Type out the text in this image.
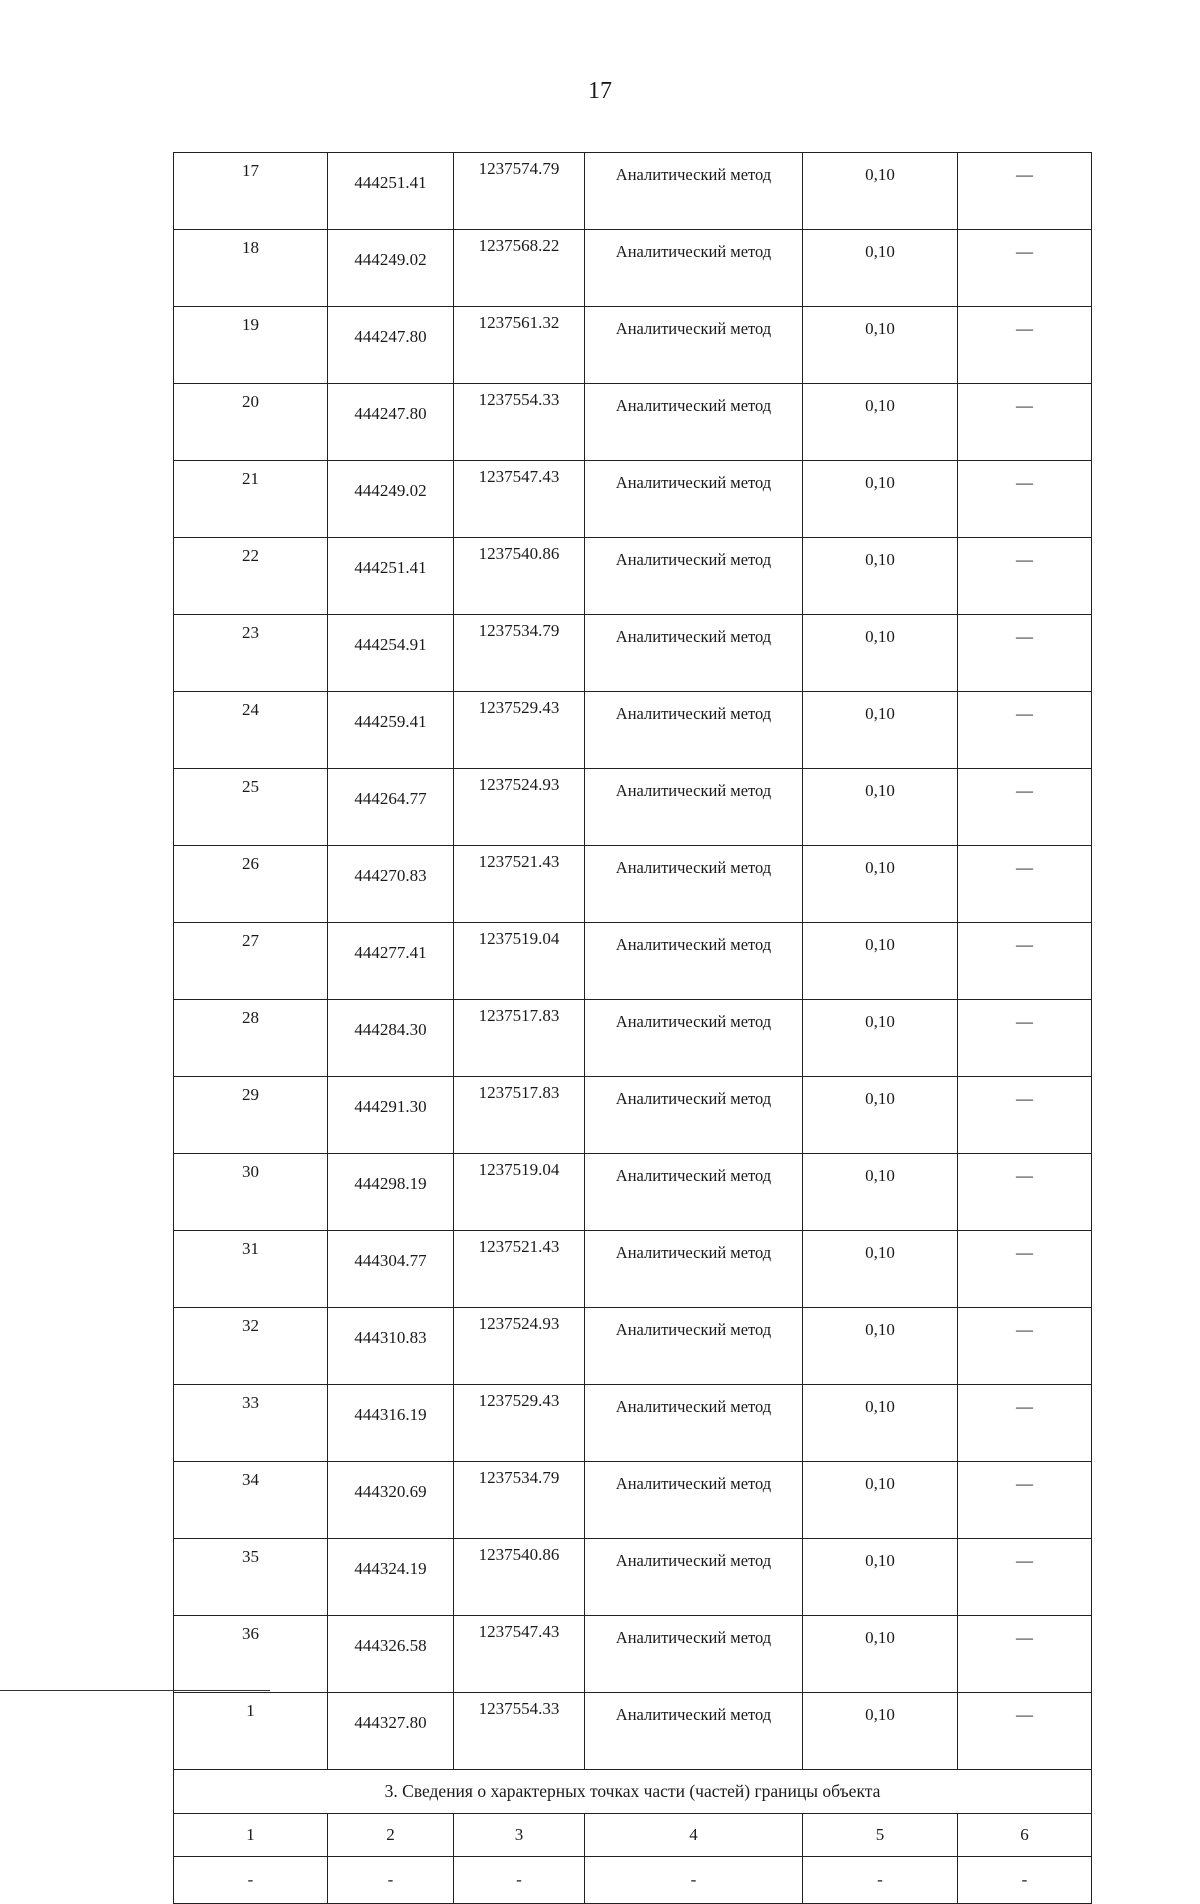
17
17	444251.41	1237574.79	Аналитический метод	0,10	—
18	444249.02	1237568.22	Аналитический метод	0,10	—
19	444247.80	1237561.32	Аналитический метод	0,10	—
20	444247.80	1237554.33	Аналитический метод	0,10	—
21	444249.02	1237547.43	Аналитический метод	0,10	—
22	444251.41	1237540.86	Аналитический метод	0,10	—
23	444254.91	1237534.79	Аналитический метод	0,10	—
24	444259.41	1237529.43	Аналитический метод	0,10	—
25	444264.77	1237524.93	Аналитический метод	0,10	—
26	444270.83	1237521.43	Аналитический метод	0,10	—
27	444277.41	1237519.04	Аналитический метод	0,10	—
28	444284.30	1237517.83	Аналитический метод	0,10	—
29	444291.30	1237517.83	Аналитический метод	0,10	—
30	444298.19	1237519.04	Аналитический метод	0,10	—
31	444304.77	1237521.43	Аналитический метод	0,10	—
32	444310.83	1237524.93	Аналитический метод	0,10	—
33	444316.19	1237529.43	Аналитический метод	0,10	—
34	444320.69	1237534.79	Аналитический метод	0,10	—
35	444324.19	1237540.86	Аналитический метод	0,10	—
36	444326.58	1237547.43	Аналитический метод	0,10	—
1	444327.80	1237554.33	Аналитический метод	0,10	—
3. Сведения о характерных точках части (частей) границы объекта					
1	2	3	4	5	6
-	-	-	-	-	-
